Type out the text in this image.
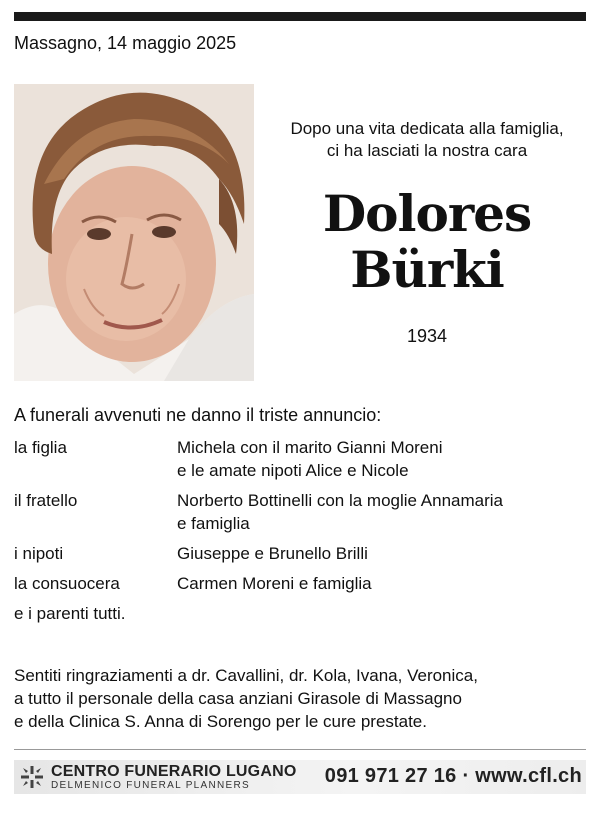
Massagno, 14 maggio 2025
Dopo una vita dedicata alla famiglia,
ci ha lasciati la nostra cara
Dolores
Bürki
1934
A funerali avvenuti ne danno il triste annuncio:
la figlia	Michela con il marito Gianni Moreni
e le amate nipoti Alice e Nicole
il fratello	Norberto Bottinelli con la moglie Annamaria
e famiglia
i nipoti	Giuseppe e Brunello Brilli
la consuocera	Carmen Moreni e famiglia
e i parenti tutti.
Sentiti ringraziamenti a dr. Cavallini, dr. Kola, Ivana, Veronica,
a tutto il personale della casa anziani Girasole di Massagno
e della Clinica S. Anna di Sorengo per le cure prestate.
CENTRO FUNERARIO LUGANO
DELMENICO FUNERAL PLANNERS	091 971 27 16 · www.cfl.ch
